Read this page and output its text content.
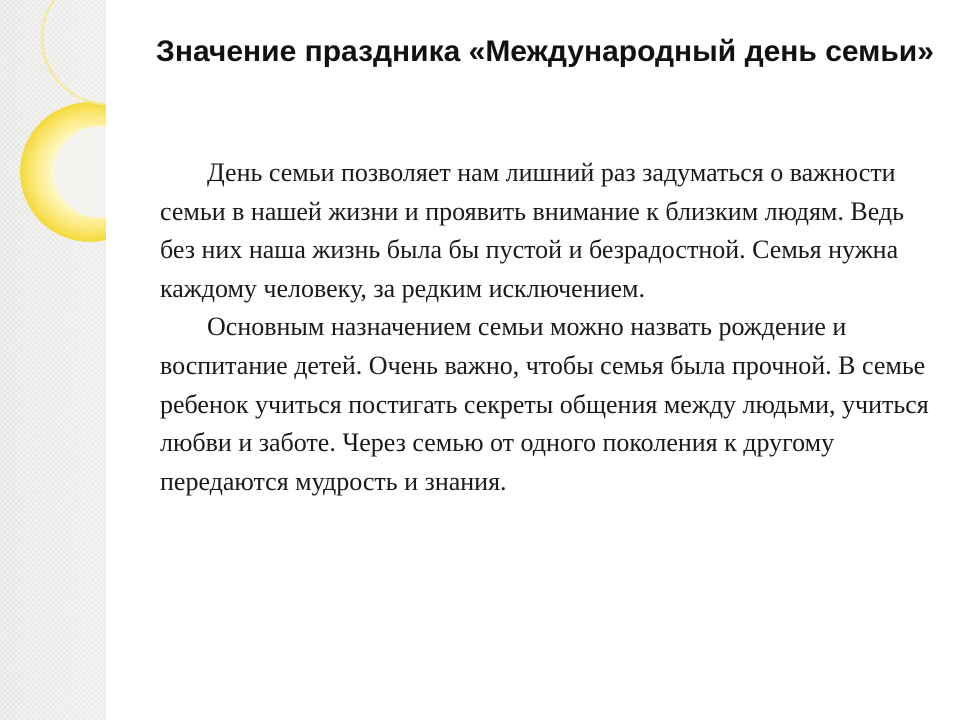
Значение праздника «Международный день семьи»

День семьи позволяет нам лишний раз задуматься о важности семьи в нашей жизни и проявить внимание к близким людям. Ведь без них наша жизнь была бы пустой и безрадостной. Семья нужна каждому человеку, за редким исключением.

Основным назначением семьи можно назвать рождение и воспитание детей. Очень важно, чтобы семья была прочной. В семье ребенок учиться постигать секреты общения между людьми, учиться любви и заботе. Через семью от одного поколения к другому передаются мудрость и знания.
